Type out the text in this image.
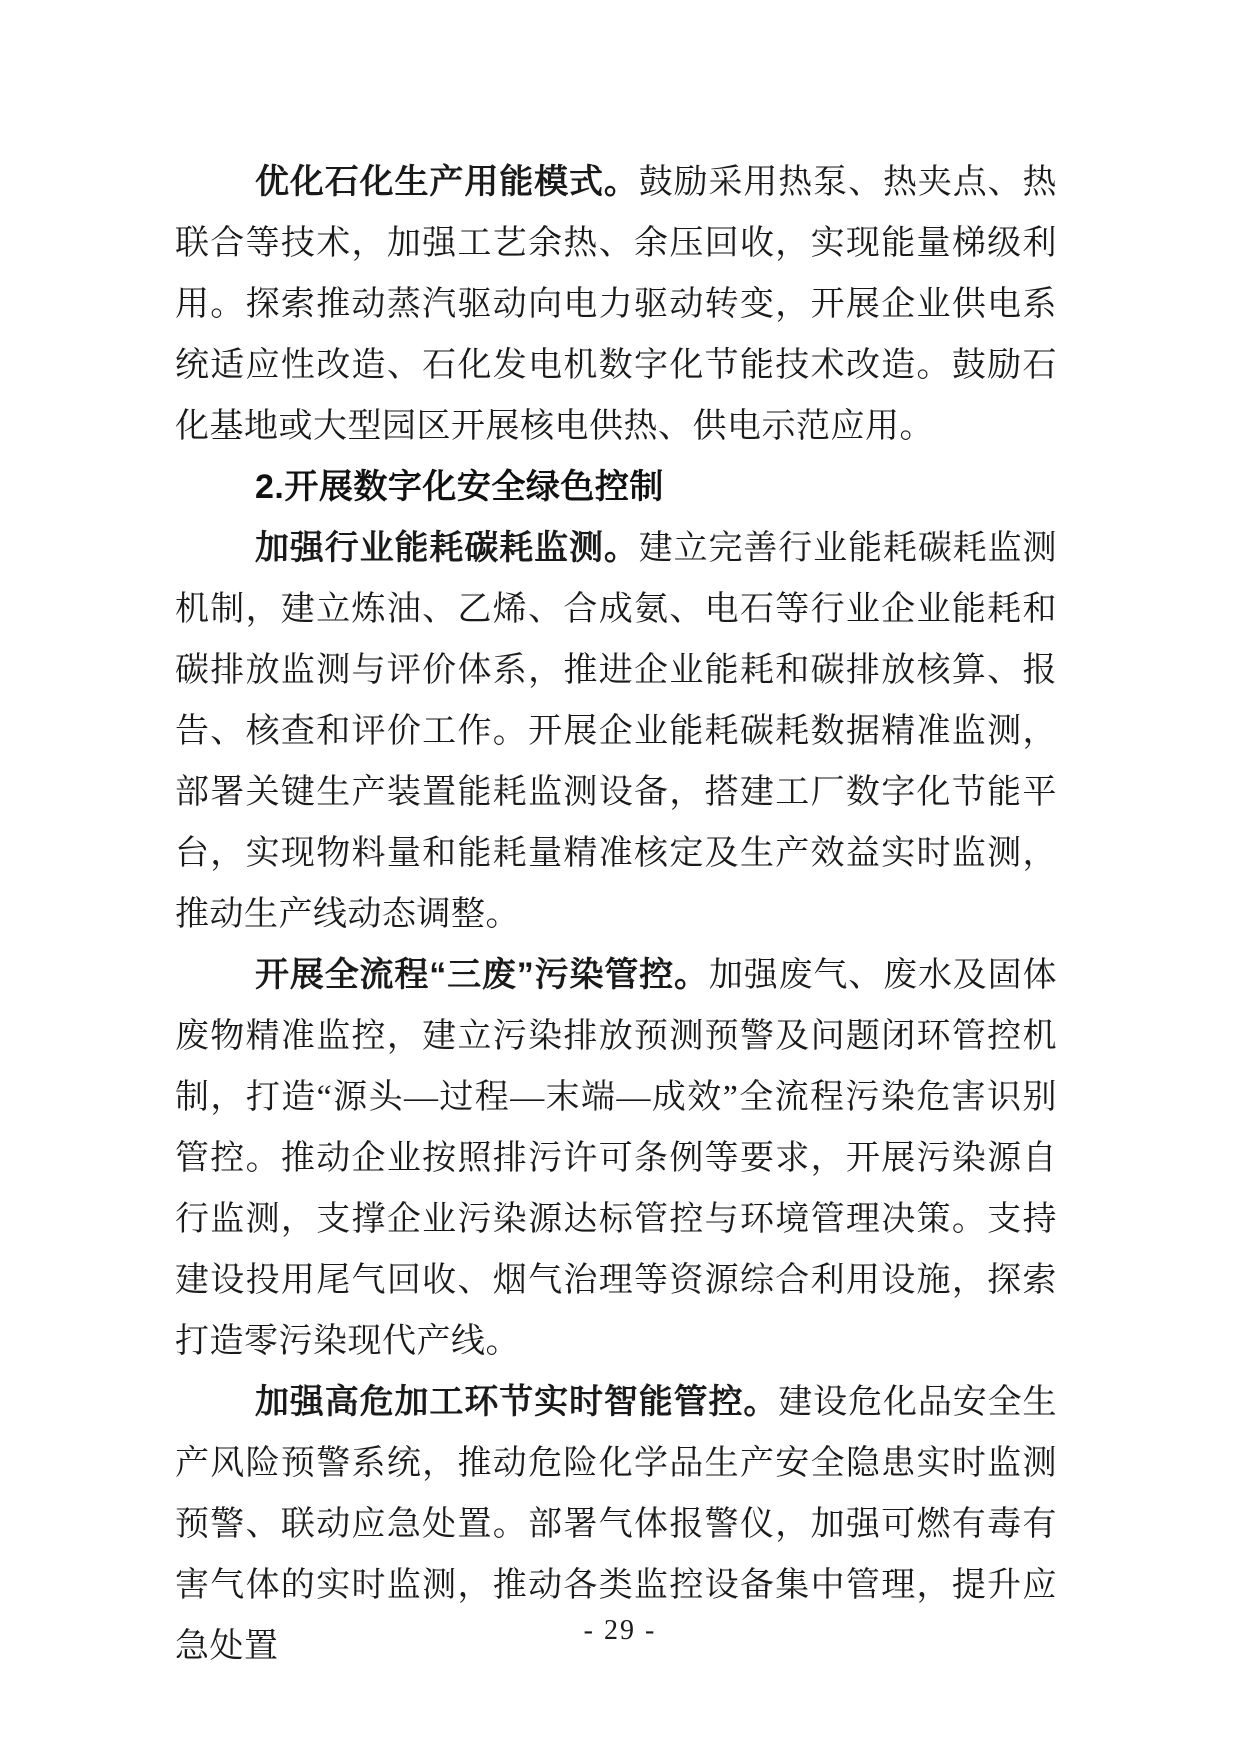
优化石化生产用能模式。鼓励采用热泵、热夹点、热联合等技术，加强工艺余热、余压回收，实现能量梯级利用。探索推动蒸汽驱动向电力驱动转变，开展企业供电系统适应性改造、石化发电机数字化节能技术改造。鼓励石化基地或大型园区开展核电供热、供电示范应用。

2.开展数字化安全绿色控制

加强行业能耗碳耗监测。建立完善行业能耗碳耗监测机制，建立炼油、乙烯、合成氨、电石等行业企业能耗和碳排放监测与评价体系，推进企业能耗和碳排放核算、报告、核查和评价工作。开展企业能耗碳耗数据精准监测，部署关键生产装置能耗监测设备，搭建工厂数字化节能平台，实现物料量和能耗量精准核定及生产效益实时监测，推动生产线动态调整。

开展全流程“三废”污染管控。加强废气、废水及固体废物精准监控，建立污染排放预测预警及问题闭环管控机制，打造“源头—过程—末端—成效”全流程污染危害识别管控。推动企业按照排污许可条例等要求，开展污染源自行监测，支撑企业污染源达标管控与环境管理决策。支持建设投用尾气回收、烟气治理等资源综合利用设施，探索打造零污染现代产线。

加强高危加工环节实时智能管控。建设危化品安全生产风险预警系统，推动危险化学品生产安全隐患实时监测预警、联动应急处置。部署气体报警仪，加强可燃有毒有害气体的实时监测，推动各类监控设备集中管理，提升应急处置	- 29 -
